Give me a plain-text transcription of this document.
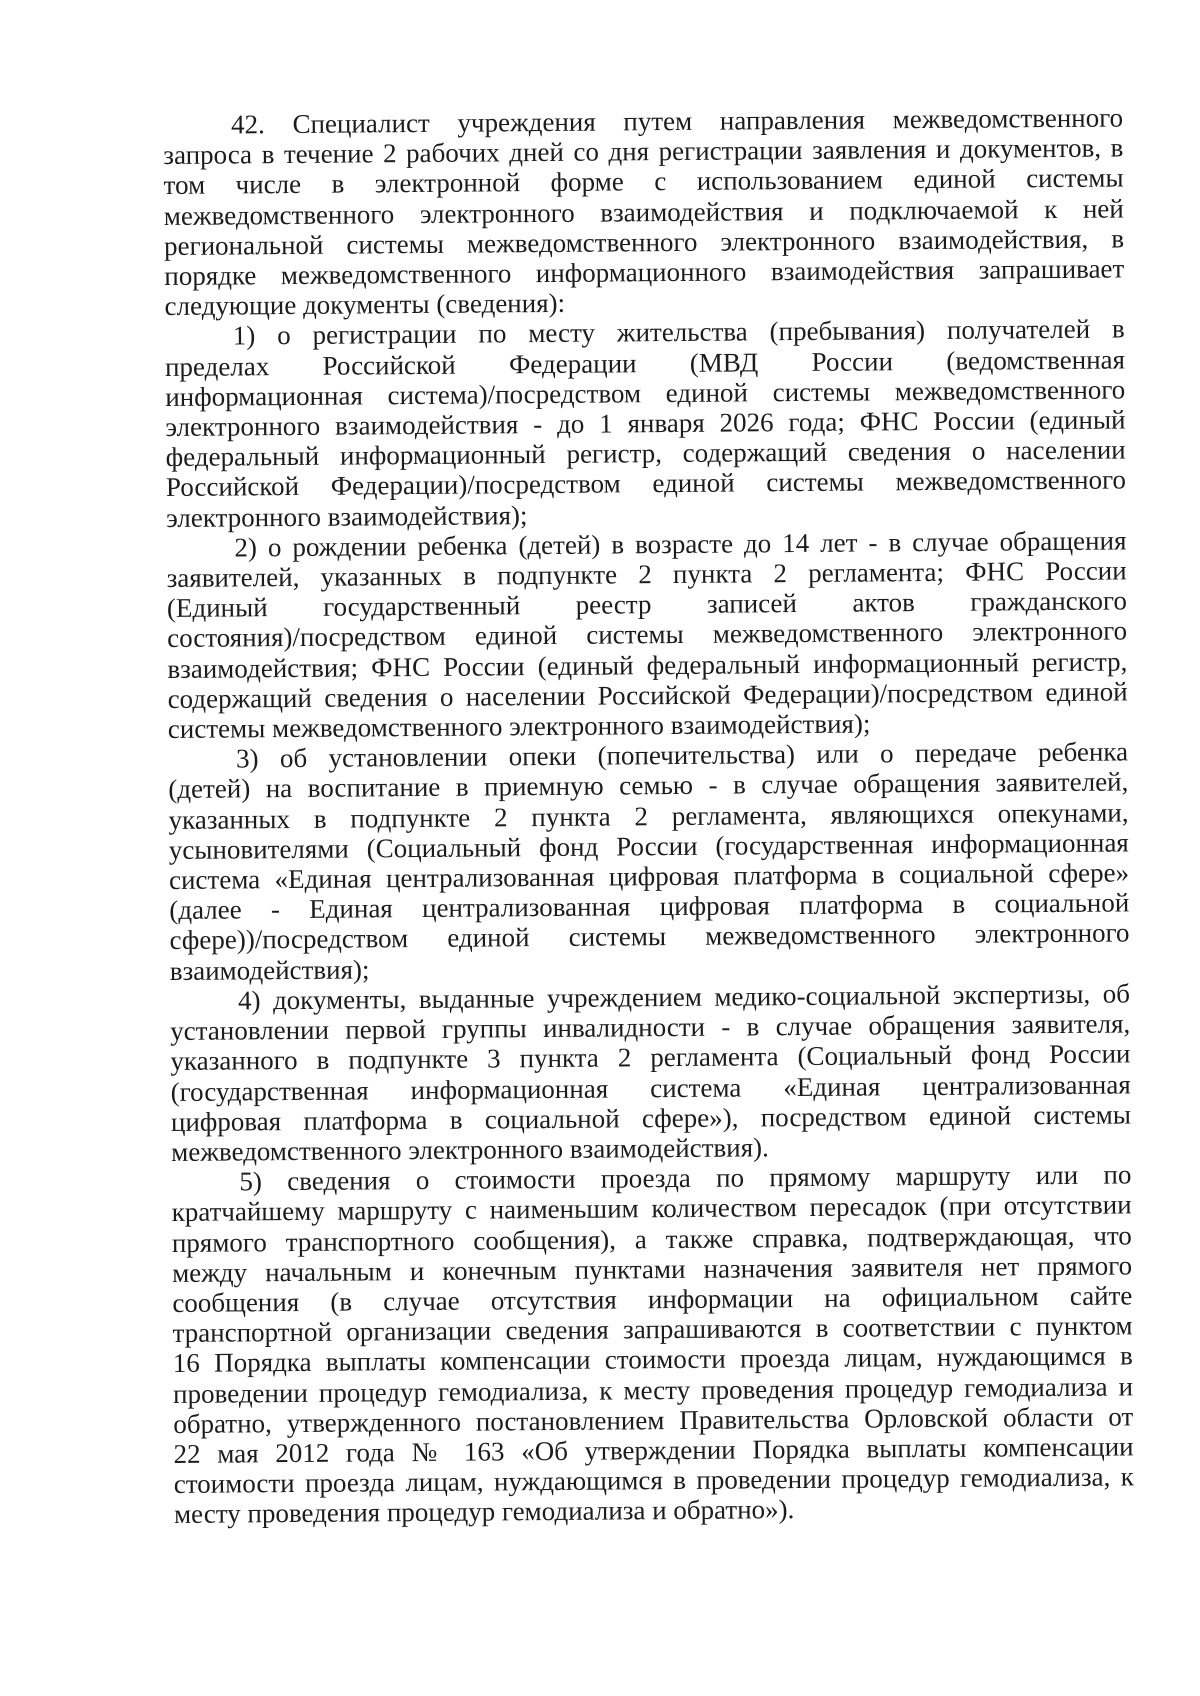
42. Специалист учреждения путем направления межведомственного
запроса в течение 2 рабочих дней со дня регистрации заявления и документов, в
том числе в электронной форме с использованием единой системы
межведомственного электронного взаимодействия и подключаемой к ней
региональной системы межведомственного электронного взаимодействия, в
порядке межведомственного информационного взаимодействия запрашивает
следующие документы (сведения):
1) о регистрации по месту жительства (пребывания) получателей в
пределах Российской Федерации (МВД России (ведомственная
информационная система)/посредством единой системы межведомственного
электронного взаимодействия - до 1 января 2026 года; ФНС России (единый
федеральный информационный регистр, содержащий сведения о населении
Российской Федерации)/посредством единой системы межведомственного
электронного взаимодействия);
2) о рождении ребенка (детей) в возрасте до 14 лет - в случае обращения
заявителей, указанных в подпункте 2 пункта 2 регламента; ФНС России
(Единый государственный реестр записей актов гражданского
состояния)/посредством единой системы межведомственного электронного
взаимодействия; ФНС России (единый федеральный информационный регистр,
содержащий сведения о населении Российской Федерации)/посредством единой
системы межведомственного электронного взаимодействия);
3) об установлении опеки (попечительства) или о передаче ребенка
(детей) на воспитание в приемную семью - в случае обращения заявителей,
указанных в подпункте 2 пункта 2 регламента, являющихся опекунами,
усыновителями (Социальный фонд России (государственная информационная
система «Единая централизованная цифровая платформа в социальной сфере»
(далее - Единая централизованная цифровая платформа в социальной
сфере))/посредством единой системы межведомственного электронного
взаимодействия);
4) документы, выданные учреждением медико-социальной экспертизы, об
установлении первой группы инвалидности - в случае обращения заявителя,
указанного в подпункте 3 пункта 2 регламента (Социальный фонд России
(государственная информационная система «Единая централизованная
цифровая платформа в социальной сфере»), посредством единой системы
межведомственного электронного взаимодействия).
5) сведения о стоимости проезда по прямому маршруту или по
кратчайшему маршруту с наименьшим количеством пересадок (при отсутствии
прямого транспортного сообщения), а также справка, подтверждающая, что
между начальным и конечным пунктами назначения заявителя нет прямого
сообщения (в случае отсутствия информации на официальном сайте
транспортной организации сведения запрашиваются в соответствии с пунктом
16 Порядка выплаты компенсации стоимости проезда лицам, нуждающимся в
проведении процедур гемодиализа, к месту проведения процедур гемодиализа и
обратно, утвержденного постановлением Правительства Орловской области от
22 мая 2012 года № 163 «Об утверждении Порядка выплаты компенсации
стоимости проезда лицам, нуждающимся в проведении процедур гемодиализа, к
месту проведения процедур гемодиализа и обратно»).
